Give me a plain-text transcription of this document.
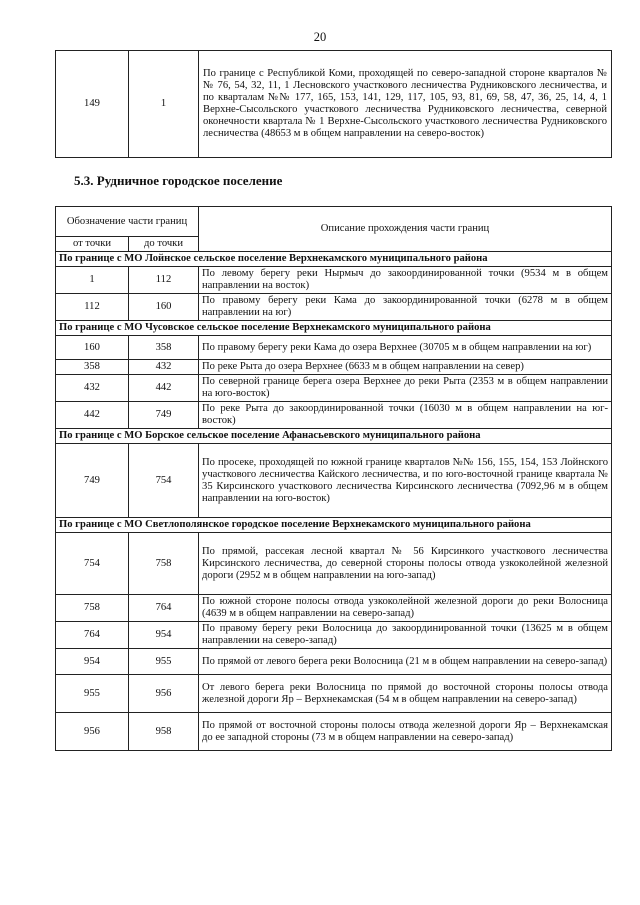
20
149	1	По границе с Республикой Коми, проходящей по северо-западной стороне кварталов №№ 76, 54, 32, 11, 1 Лесновского участкового лесничества Рудниковского лесничества, и по кварталам №№ 177, 165, 153, 141, 129, 117, 105, 93, 81, 69, 58, 47, 36, 25, 14, 4, 1 Верхне-Сысольского участкового лесничества Рудниковского лесничества, северной оконечности квартала № 1 Верхне-Сысольского участкового лесничества Рудниковского лесничества (48653 м в общем направлении на северо-восток)
5.3. Рудничное городское поселение
Обозначение части границ		Описание прохождения части границ
от точки	до точки	
По границе с МО Лойнское сельское поселение Верхнекамского муниципального района		
1	112	По левому берегу реки Нырмыч до закоординированной точки (9534 м в общем направлении на восток)
112	160	По правому берегу реки Кама до закоординированной точки (6278 м в общем направлении на юг)
По границе с МО Чусовское сельское поселение Верхнекамского муниципального района		
160	358	По правому берегу реки Кама до озера Верхнее (30705 м в общем направлении на юг)
358	432	По реке Рыта до озера Верхнее (6633 м в общем направлении на север)
432	442	По северной границе берега озера Верхнее до реки Рыта (2353 м в общем направлении на юго-восток)
442	749	По реке Рыта до закоординированной точки (16030 м в общем направлении на юг-восток)
По границе с МО Борское сельское поселение Афанасьевского муниципального района		
749	754	По просеке, проходящей по южной границе кварталов №№ 156, 155, 154, 153 Лойнского участкового лесничества Кайского лесничества, и по юго-восточной границе квартала № 35 Кирсинского участкового лесничества Кирсинского лесничества (7092,96 м в общем направлении на юго-восток)
По границе с МО Светлополянское городское поселение Верхнекамского муниципального района		
754	758	По прямой, рассекая лесной квартал № 56 Кирсинкого участкового лесничества Кирсинского лесничества, до северной стороны полосы отвода узкоколейной железной дороги (2952 м в общем направлении на юго-запад)
758	764	По южной стороне полосы отвода узкоколейной железной дороги до реки Волосница (4639 м в общем направлении на северо-запад)
764	954	По правому берегу реки Волосница до закоординированной точки (13625 м в общем направлении на северо-запад)
954	955	По прямой от левого берега реки Волосница (21 м в общем направлении на северо-запад)
955	956	От левого берега реки Волосница по прямой до восточной стороны полосы отвода железной дороги Яр – Верхнекамская (54 м в общем направлении на северо-запад)
956	958	По прямой от восточной стороны полосы отвода железной дороги Яр – Верхнекамская до ее западной стороны (73 м в общем направлении на северо-запад)
